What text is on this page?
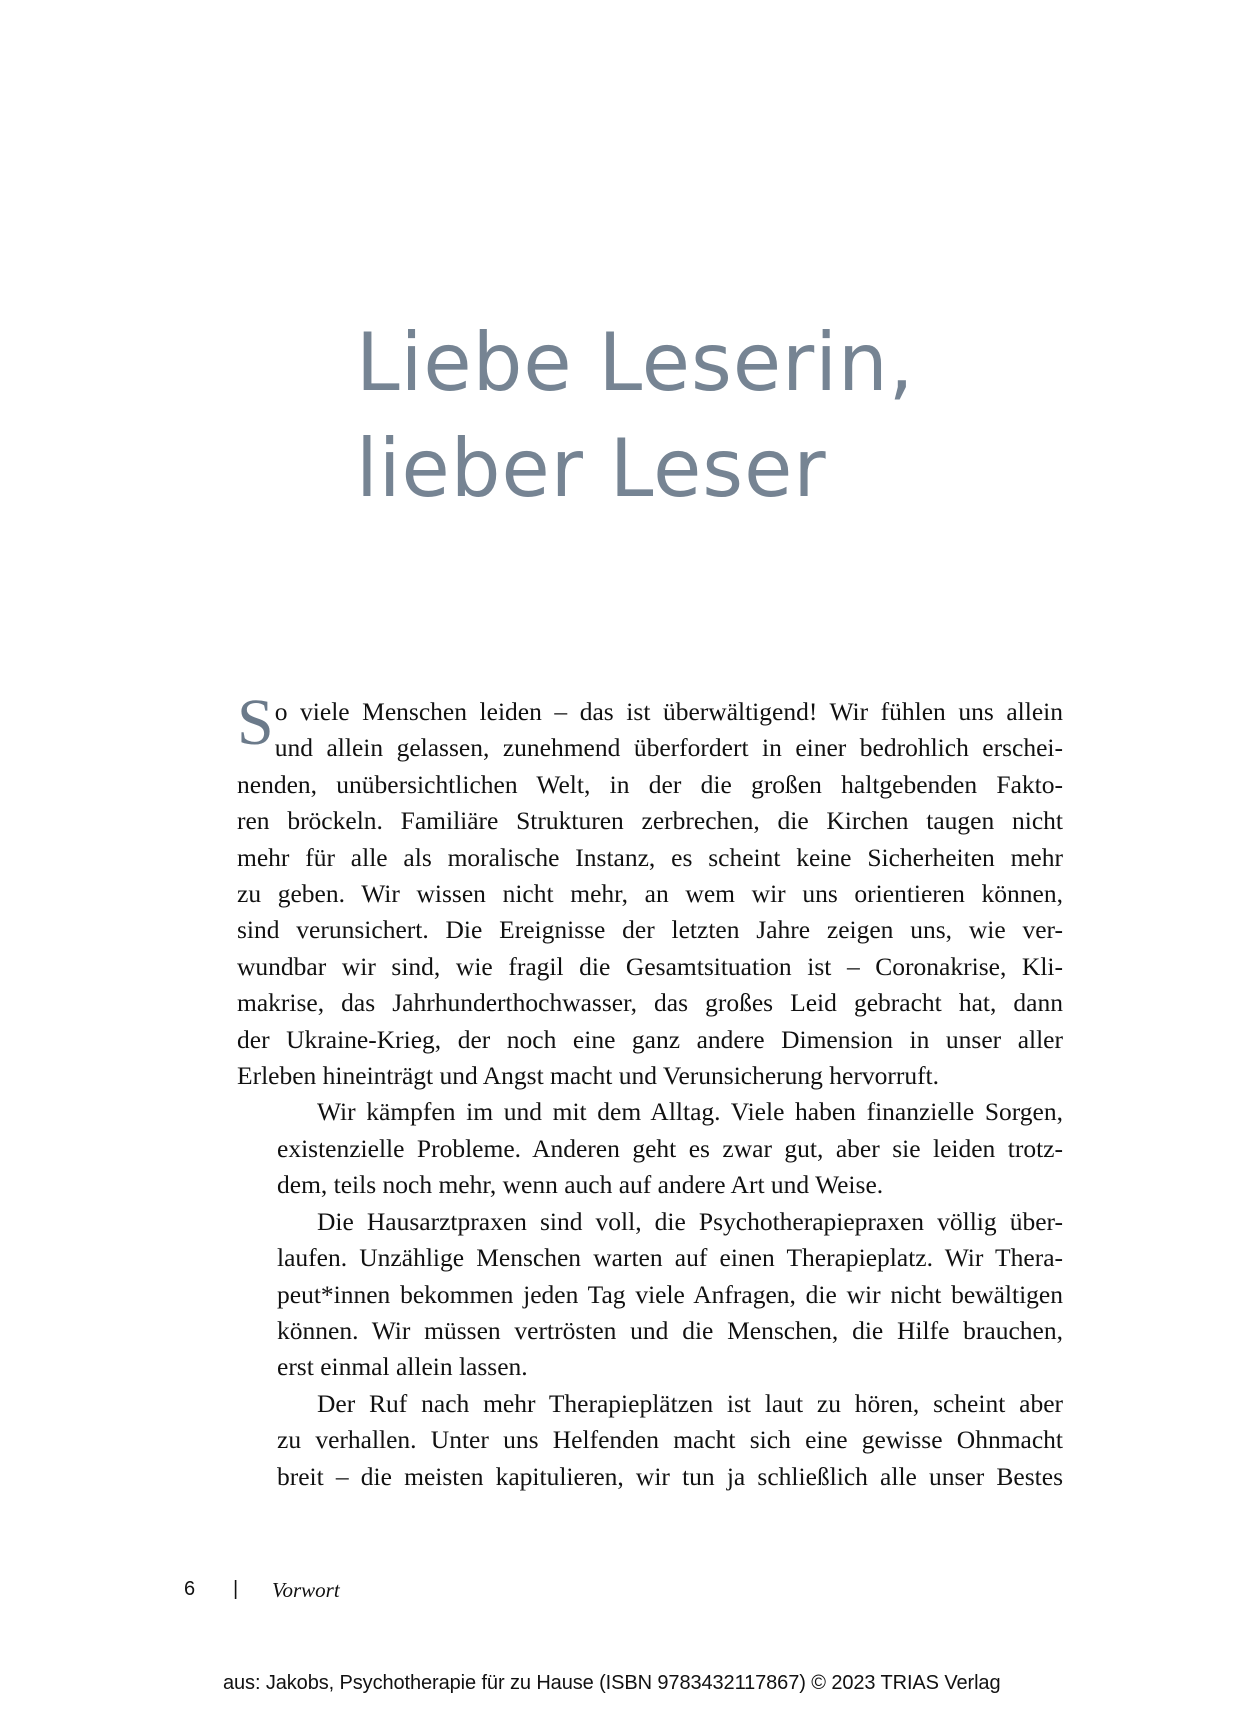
Liebe Leserin,
lieber Leser

S o viele Menschen leiden – das ist überwältigend! Wir fühlen uns allein
und allein gelassen, zunehmend überfordert in einer bedrohlich erschei-
nenden, unübersichtlichen Welt, in der die großen haltgebenden Fakto-
ren bröckeln. Familiäre Strukturen zerbrechen, die Kirchen taugen nicht
mehr für alle als moralische Instanz, es scheint keine Sicherheiten mehr
zu geben. Wir wissen nicht mehr, an wem wir uns orientieren können,
sind verunsichert. Die Ereignisse der letzten Jahre zeigen uns, wie ver-
wundbar wir sind, wie fragil die Gesamtsituation ist – Coronakrise, Kli-
makrise, das Jahrhunderthochwasser, das großes Leid gebracht hat, dann
der Ukraine-Krieg, der noch eine ganz andere Dimension in unser aller
Erleben hineinträgt und Angst macht und Verunsicherung hervorruft.

Wir kämpfen im und mit dem Alltag. Viele haben finanzielle Sorgen,
existenzielle Probleme. Anderen geht es zwar gut, aber sie leiden trotz-
dem, teils noch mehr, wenn auch auf andere Art und Weise.

Die Hausarztpraxen sind voll, die Psychotherapiepraxen völlig über-
laufen. Unzählige Menschen warten auf einen Therapieplatz. Wir Thera-
peut*innen bekommen jeden Tag viele Anfragen, die wir nicht bewältigen
können. Wir müssen vertrösten und die Menschen, die Hilfe brauchen,
erst einmal allein lassen.

Der Ruf nach mehr Therapieplätzen ist laut zu hören, scheint aber
zu verhallen. Unter uns Helfenden macht sich eine gewisse Ohnmacht
breit – die meisten kapitulieren, wir tun ja schließlich alle unser Bestes

6 | Vorwort
aus: Jakobs, Psychotherapie für zu Hause (ISBN 9783432117867) © 2023 TRIAS Verlag
